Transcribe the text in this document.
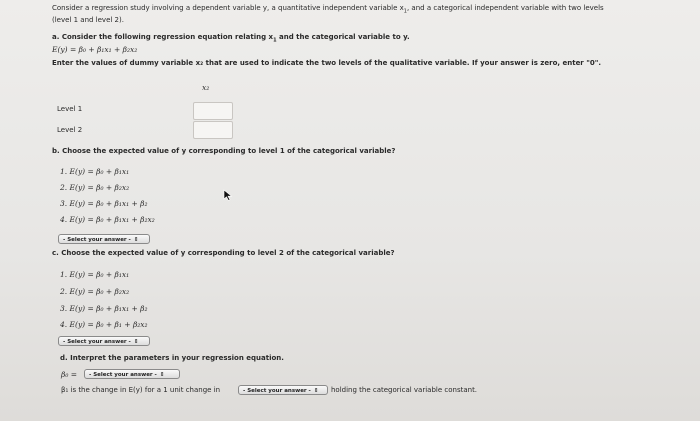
Consider a regression study involving a dependent variable y, a quantitative independent variable $x_1$, and a categorical independent variable with two levels
(level 1 and level 2).
a. Consider the following regression equation relating $x_1$ and the categorical variable to y.
E(y) = β₀ + β₁x₁ + β₂x₂
Enter the values of dummy variable x₂ that are used to indicate the two levels of the qualitative variable. If your answer is zero, enter "0".
x₂
Level 1
Level 2
b. Choose the expected value of y corresponding to level 1 of the categorical variable?
1. E(y) = β₀ + β₁x₁
2. E(y) = β₀ + β₂x₂
3. E(y) = β₀ + β₁x₁ + β₂
4. E(y) = β₀ + β₁x₁ + β₂x₂
- Select your answer - ⇕
c. Choose the expected value of y corresponding to level 2 of the categorical variable?
1. E(y) = β₀ + β₁x₁
2. E(y) = β₀ + β₂x₂
3. E(y) = β₀ + β₁x₁ + β₂
4. E(y) = β₀ + β₁ + β₂x₂
- Select your answer - ⇕
d. Interpret the parameters in your regression equation.
β₀ =	- Select your answer - ⇕
β₁ is the change in E(y) for a 1 unit change in	- Select your answer - ⇕	holding the categorical variable constant.
